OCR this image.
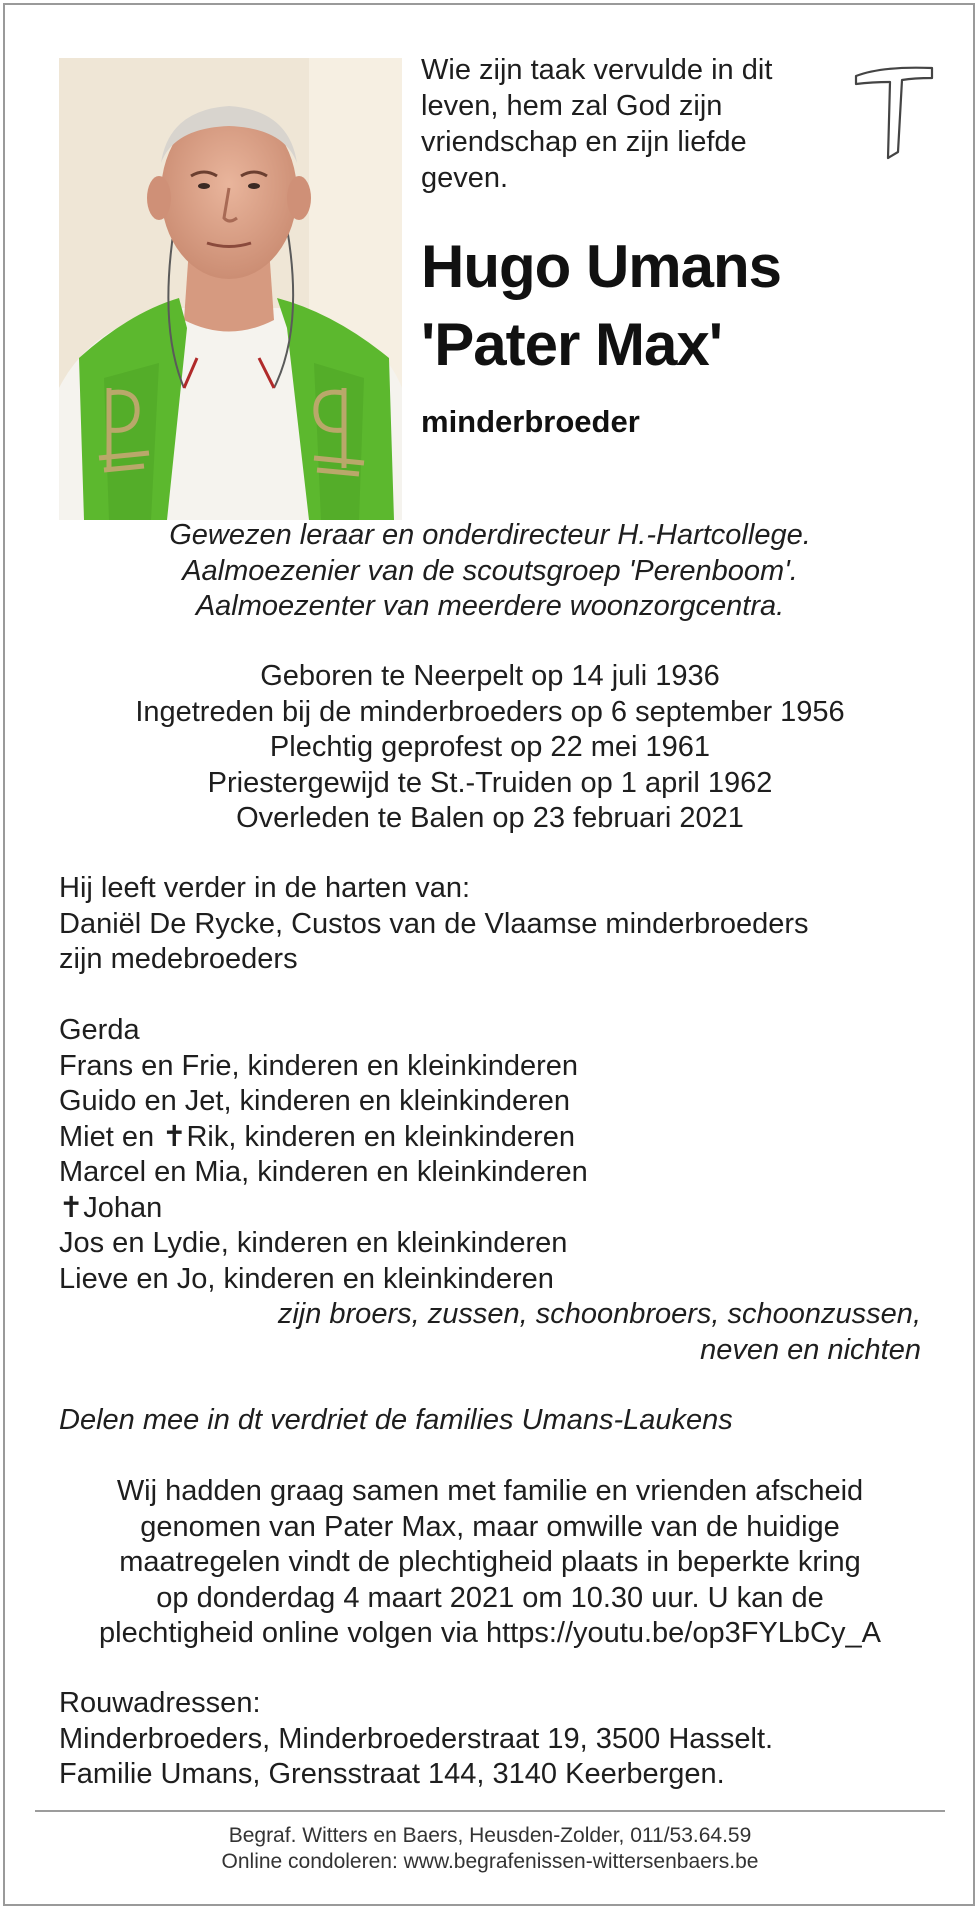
Wie zijn taak vervulde in dit
leven, hem zal God zijn
vriendschap en zijn liefde
geven.
Hugo Umans
'Pater Max'
minderbroeder
Gewezen leraar en onderdirecteur H.-Hartcollege.
Aalmoezenier van de scoutsgroep 'Perenboom'.
Aalmoezenter van meerdere woonzorgcentra.
Geboren te Neerpelt op 14 juli 1936
Ingetreden bij de minderbroeders op 6 september 1956
Plechtig geprofest op 22 mei 1961
Priestergewijd te St.-Truiden op 1 april 1962
Overleden te Balen op 23 februari 2021
Hij leeft verder in de harten van:
Daniël De Rycke, Custos van de Vlaamse minderbroeders
zijn medebroeders
Gerda
Frans en Frie, kinderen en kleinkinderen
Guido en Jet, kinderen en kleinkinderen
Miet en ✝Rik, kinderen en kleinkinderen
Marcel en Mia, kinderen en kleinkinderen
✝Johan
Jos en Lydie, kinderen en kleinkinderen
Lieve en Jo, kinderen en kleinkinderen
zijn broers, zussen, schoonbroers, schoonzussen,
neven en nichten
Delen mee in dt verdriet de families Umans-Laukens
Wij hadden graag samen met familie en vrienden afscheid
genomen van Pater Max, maar omwille van de huidige
maatregelen vindt de plechtigheid plaats in beperkte kring
op donderdag 4 maart 2021 om 10.30 uur. U kan de
plechtigheid online volgen via https://youtu.be/op3FYLbCy_A
Rouwadressen:
Minderbroeders, Minderbroederstraat 19, 3500 Hasselt.
Familie Umans, Grensstraat 144, 3140 Keerbergen.
Begraf. Witters en Baers, Heusden-Zolder, 011/53.64.59
Online condoleren: www.begrafenissen-wittersenbaers.be
